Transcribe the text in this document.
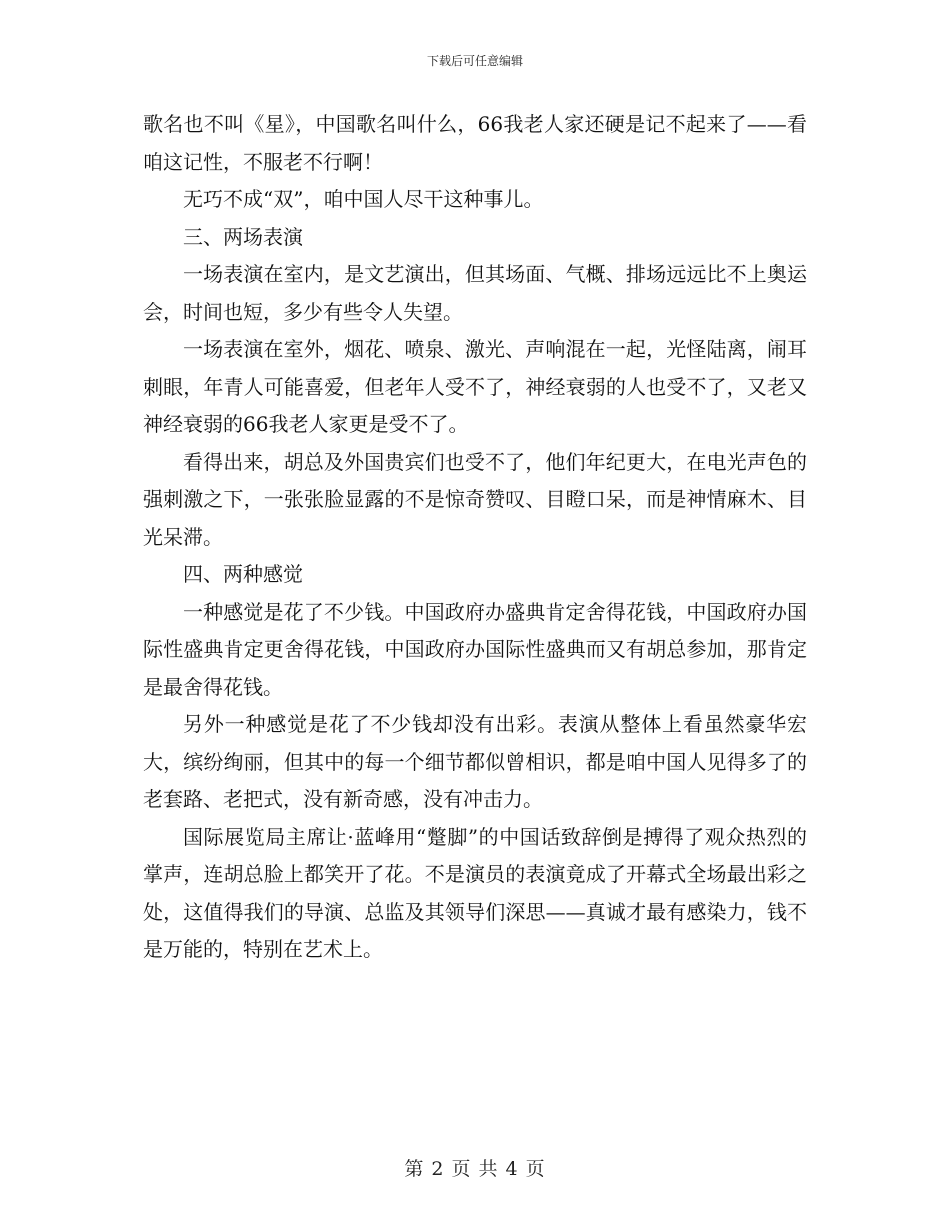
下载后可任意编辑

歌名也不叫《星》，中国歌名叫什么，66我老人家还硬是记不起来了——看咱这记性，不服老不行啊！

无巧不成“双”，咱中国人尽干这种事儿。

三、两场表演

一场表演在室内，是文艺演出，但其场面、气概、排场远远比不上奥运会，时间也短，多少有些令人失望。

一场表演在室外，烟花、喷泉、激光、声响混在一起，光怪陆离，闹耳刺眼，年青人可能喜爱，但老年人受不了，神经衰弱的人也受不了，又老又神经衰弱的66我老人家更是受不了。

看得出来，胡总及外国贵宾们也受不了，他们年纪更大，在电光声色的强刺激之下，一张张脸显露的不是惊奇赞叹、目瞪口呆，而是神情麻木、目光呆滞。

四、两种感觉

一种感觉是花了不少钱。中国政府办盛典肯定舍得花钱，中国政府办国际性盛典肯定更舍得花钱，中国政府办国际性盛典而又有胡总参加，那肯定是最舍得花钱。

另外一种感觉是花了不少钱却没有出彩。表演从整体上看虽然豪华宏大，缤纷绚丽，但其中的每一个细节都似曾相识，都是咱中国人见得多了的老套路、老把式，没有新奇感，没有冲击力。

国际展览局主席让·蓝峰用“蹩脚”的中国话致辞倒是搏得了观众热烈的掌声，连胡总脸上都笑开了花。不是演员的表演竟成了开幕式全场最出彩之处，这值得我们的导演、总监及其领导们深思——真诚才最有感染力，钱不是万能的，特别在艺术上。

第 2 页 共 4 页
